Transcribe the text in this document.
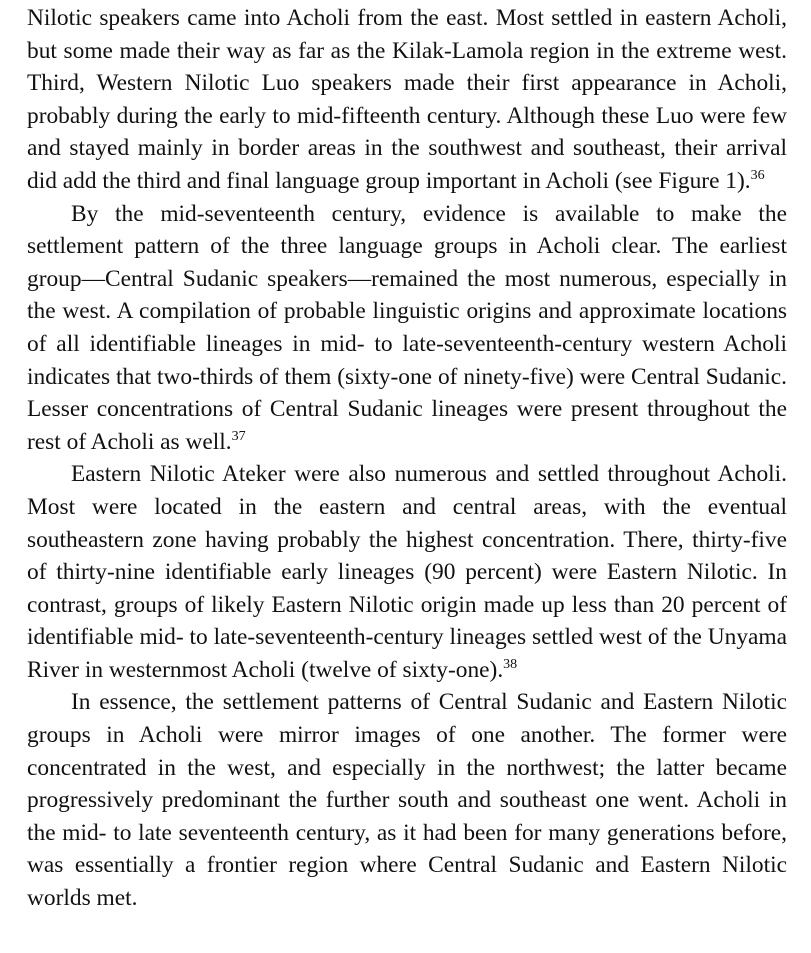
Nilotic speakers came into Acholi from the east. Most settled in eastern Acholi, but some made their way as far as the Kilak-Lamola region in the extreme west. Third, Western Nilotic Luo speakers made their first appearance in Acholi, probably during the early to mid-fifteenth century. Although these Luo were few and stayed mainly in border areas in the southwest and southeast, their arrival did add the third and final language group important in Acholi (see Figure 1).$^{36}$

By the mid-seventeenth century, evidence is available to make the settlement pattern of the three language groups in Acholi clear. The earliest group—Central Sudanic speakers—remained the most numerous, especially in the west. A compilation of probable linguistic origins and approximate locations of all identifiable lineages in mid- to late-seventeenth-century western Acholi indicates that two-thirds of them (sixty-one of ninety-five) were Central Sudanic. Lesser concentrations of Central Sudanic lineages were present throughout the rest of Acholi as well.$^{37}$

Eastern Nilotic Ateker were also numerous and settled throughout Acholi. Most were located in the eastern and central areas, with the eventual southeastern zone having probably the highest concentration. There, thirty-five of thirty-nine identifiable early lineages (90 percent) were Eastern Nilotic. In contrast, groups of likely Eastern Nilotic origin made up less than 20 percent of identifiable mid- to late-seventeenth-century lineages settled west of the Unyama River in westernmost Acholi (twelve of sixty-one).$^{38}$

In essence, the settlement patterns of Central Sudanic and Eastern Nilotic groups in Acholi were mirror images of one another. The former were concentrated in the west, and especially in the northwest; the latter became progressively predominant the further south and southeast one went. Acholi in the mid- to late seventeenth century, as it had been for many generations before, was essentially a frontier region where Central Sudanic and Eastern Nilotic worlds met.
